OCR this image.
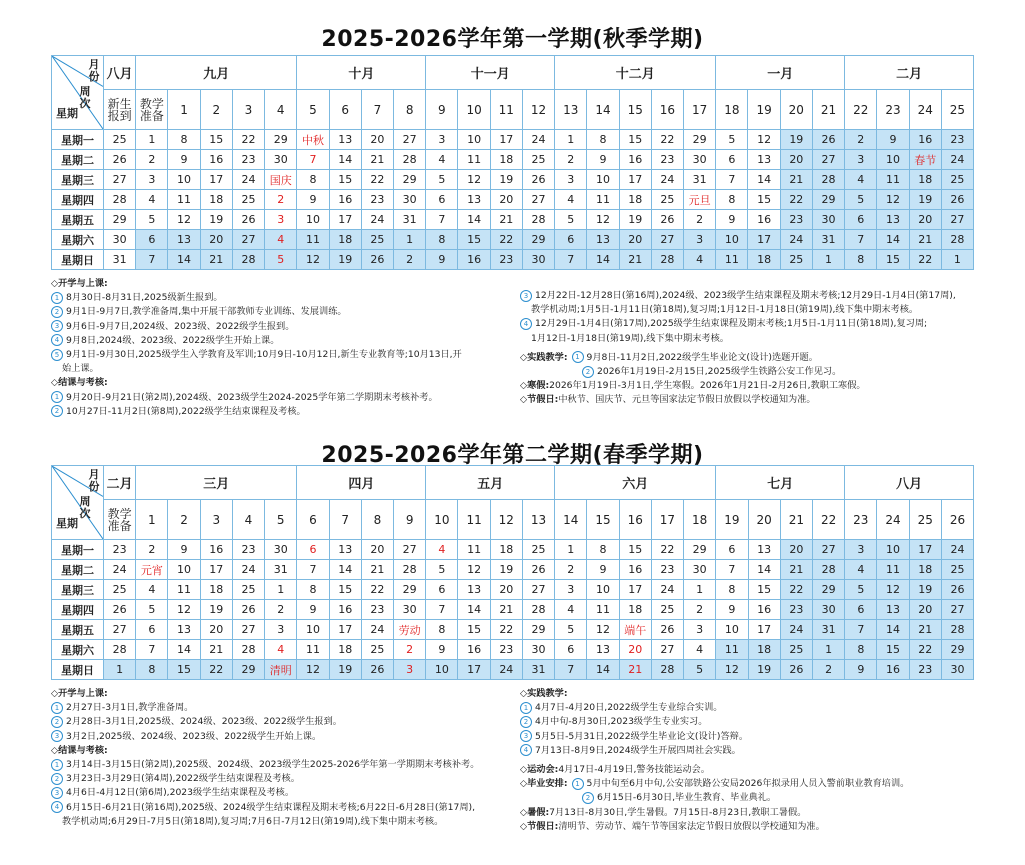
2025-2026学年第一学期(秋季学期)
月份
周次
星期	八月	九月					十月				十一月				十二月					一月				二月			
	新生报到	教学准备	1	2	3	4	5	6	7	8	9	10	11	12	13	14	15	16	17	18	19	20	21	22	23	24	25
星期一	25	1	8	15	22	29	中秋	13	20	27	3	10	17	24	1	8	15	22	29	5	12	19	26	2	9	16	23
星期二	26	2	9	16	23	30	7	14	21	28	4	11	18	25	2	9	16	23	30	6	13	20	27	3	10	春节	24
星期三	27	3	10	17	24	国庆	8	15	22	29	5	12	19	26	3	10	17	24	31	7	14	21	28	4	11	18	25
星期四	28	4	11	18	25	2	9	16	23	30	6	13	20	27	4	11	18	25	元旦	8	15	22	29	5	12	19	26
星期五	29	5	12	19	26	3	10	17	24	31	7	14	21	28	5	12	19	26	2	9	16	23	30	6	13	20	27
星期六	30	6	13	20	27	4	11	18	25	1	8	15	22	29	6	13	20	27	3	10	17	24	31	7	14	21	28
星期日	31	7	14	21	28	5	12	19	26	2	9	16	23	30	7	14	21	28	4	11	18	25	1	8	15	22	1
◇开学与上课:
1 8月30日-8月31日,2025级新生报到。
2 9月1日-9月7日,教学准备周,集中开展干部教师专业训练、发展训练。
3 9月6日-9月7日,2024级、2023级、2022级学生报到。
4 9月8日,2024级、2023级、2022级学生开始上课。
5 9月1日-9月30日,2025级学生入学教育及军训;10月9日-10月12日,新生专业教育等;10月13日,开
始上课。
◇结课与考核:
1 9月20日-9月21日(第2周),2024级、2023级学生2024-2025学年第二学期期末考核补考。
2 10月27日-11月2日(第8周),2022级学生结束课程及考核。
3 12月22日-12月28日(第16周),2024级、2023级学生结束课程及期末考核;12月29日-1月4日(第17周),
教学机动周;1月5日-1月11日(第18周),复习周;1月12日-1月18日(第19周),线下集中期末考核。
4 12月29日-1月4日(第17周),2025级学生结束课程及期末考核;1月5日-1月11日(第18周),复习周;
1月12日-1月18日(第19周),线下集中期末考核。
◇实践教学: 1 9月8日-11月2日,2022级学生毕业论文(设计)选题开题。
2 2026年1月19日-2月15日,2025级学生铁路公安工作见习。
◇寒假:2026年1月19日-3月1日,学生寒假。2026年1月21日-2月26日,教职工寒假。
◇节假日:中秋节、国庆节、元旦等国家法定节假日放假以学校通知为准。
2025-2026学年第二学期(春季学期)
月份
周次
星期	二月	三月					四月				五月				六月					七月				八月			
	教学准备	1	2	3	4	5	6	7	8	9	10	11	12	13	14	15	16	17	18	19	20	21	22	23	24	25	26
星期一	23	2	9	16	23	30	6	13	20	27	4	11	18	25	1	8	15	22	29	6	13	20	27	3	10	17	24
星期二	24	元宵	10	17	24	31	7	14	21	28	5	12	19	26	2	9	16	23	30	7	14	21	28	4	11	18	25
星期三	25	4	11	18	25	1	8	15	22	29	6	13	20	27	3	10	17	24	1	8	15	22	29	5	12	19	26
星期四	26	5	12	19	26	2	9	16	23	30	7	14	21	28	4	11	18	25	2	9	16	23	30	6	13	20	27
星期五	27	6	13	20	27	3	10	17	24	劳动	8	15	22	29	5	12	端午	26	3	10	17	24	31	7	14	21	28
星期六	28	7	14	21	28	4	11	18	25	2	9	16	23	30	6	13	20	27	4	11	18	25	1	8	15	22	29
星期日	1	8	15	22	29	清明	12	19	26	3	10	17	24	31	7	14	21	28	5	12	19	26	2	9	16	23	30
◇开学与上课:
1 2月27日-3月1日,教学准备周。
2 2月28日-3月1日,2025级、2024级、2023级、2022级学生报到。
3 3月2日,2025级、2024级、2023级、2022级学生开始上课。
◇结课与考核:
1 3月14日-3月15日(第2周),2025级、2024级、2023级学生2025-2026学年第一学期期末考核补考。
2 3月23日-3月29日(第4周),2022级学生结束课程及考核。
3 4月6日-4月12日(第6周),2023级学生结束课程及考核。
4 6月15日-6月21日(第16周),2025级、2024级学生结束课程及期末考核;6月22日-6月28日(第17周),
教学机动周;6月29日-7月5日(第18周),复习周;7月6日-7月12日(第19周),线下集中期末考核。
◇实践教学:
1 4月7日-4月20日,2022级学生专业综合实训。
2 4月中旬-8月30日,2023级学生专业实习。
3 5月5日-5月31日,2022级学生毕业论文(设计)答辩。
4 7月13日-8月9日,2024级学生开展四周社会实践。
◇运动会:4月17日-4月19日,警务技能运动会。
◇毕业安排: 1 5月中旬至6月中旬,公安部铁路公安局2026年拟录用人员入警前职业教育培训。
2 6月15日-6月30日,毕业生教育、毕业典礼。
◇暑假:7月13日-8月30日,学生暑假。7月15日-8月23日,教职工暑假。
◇节假日:清明节、劳动节、端午节等国家法定节假日放假以学校通知为准。
